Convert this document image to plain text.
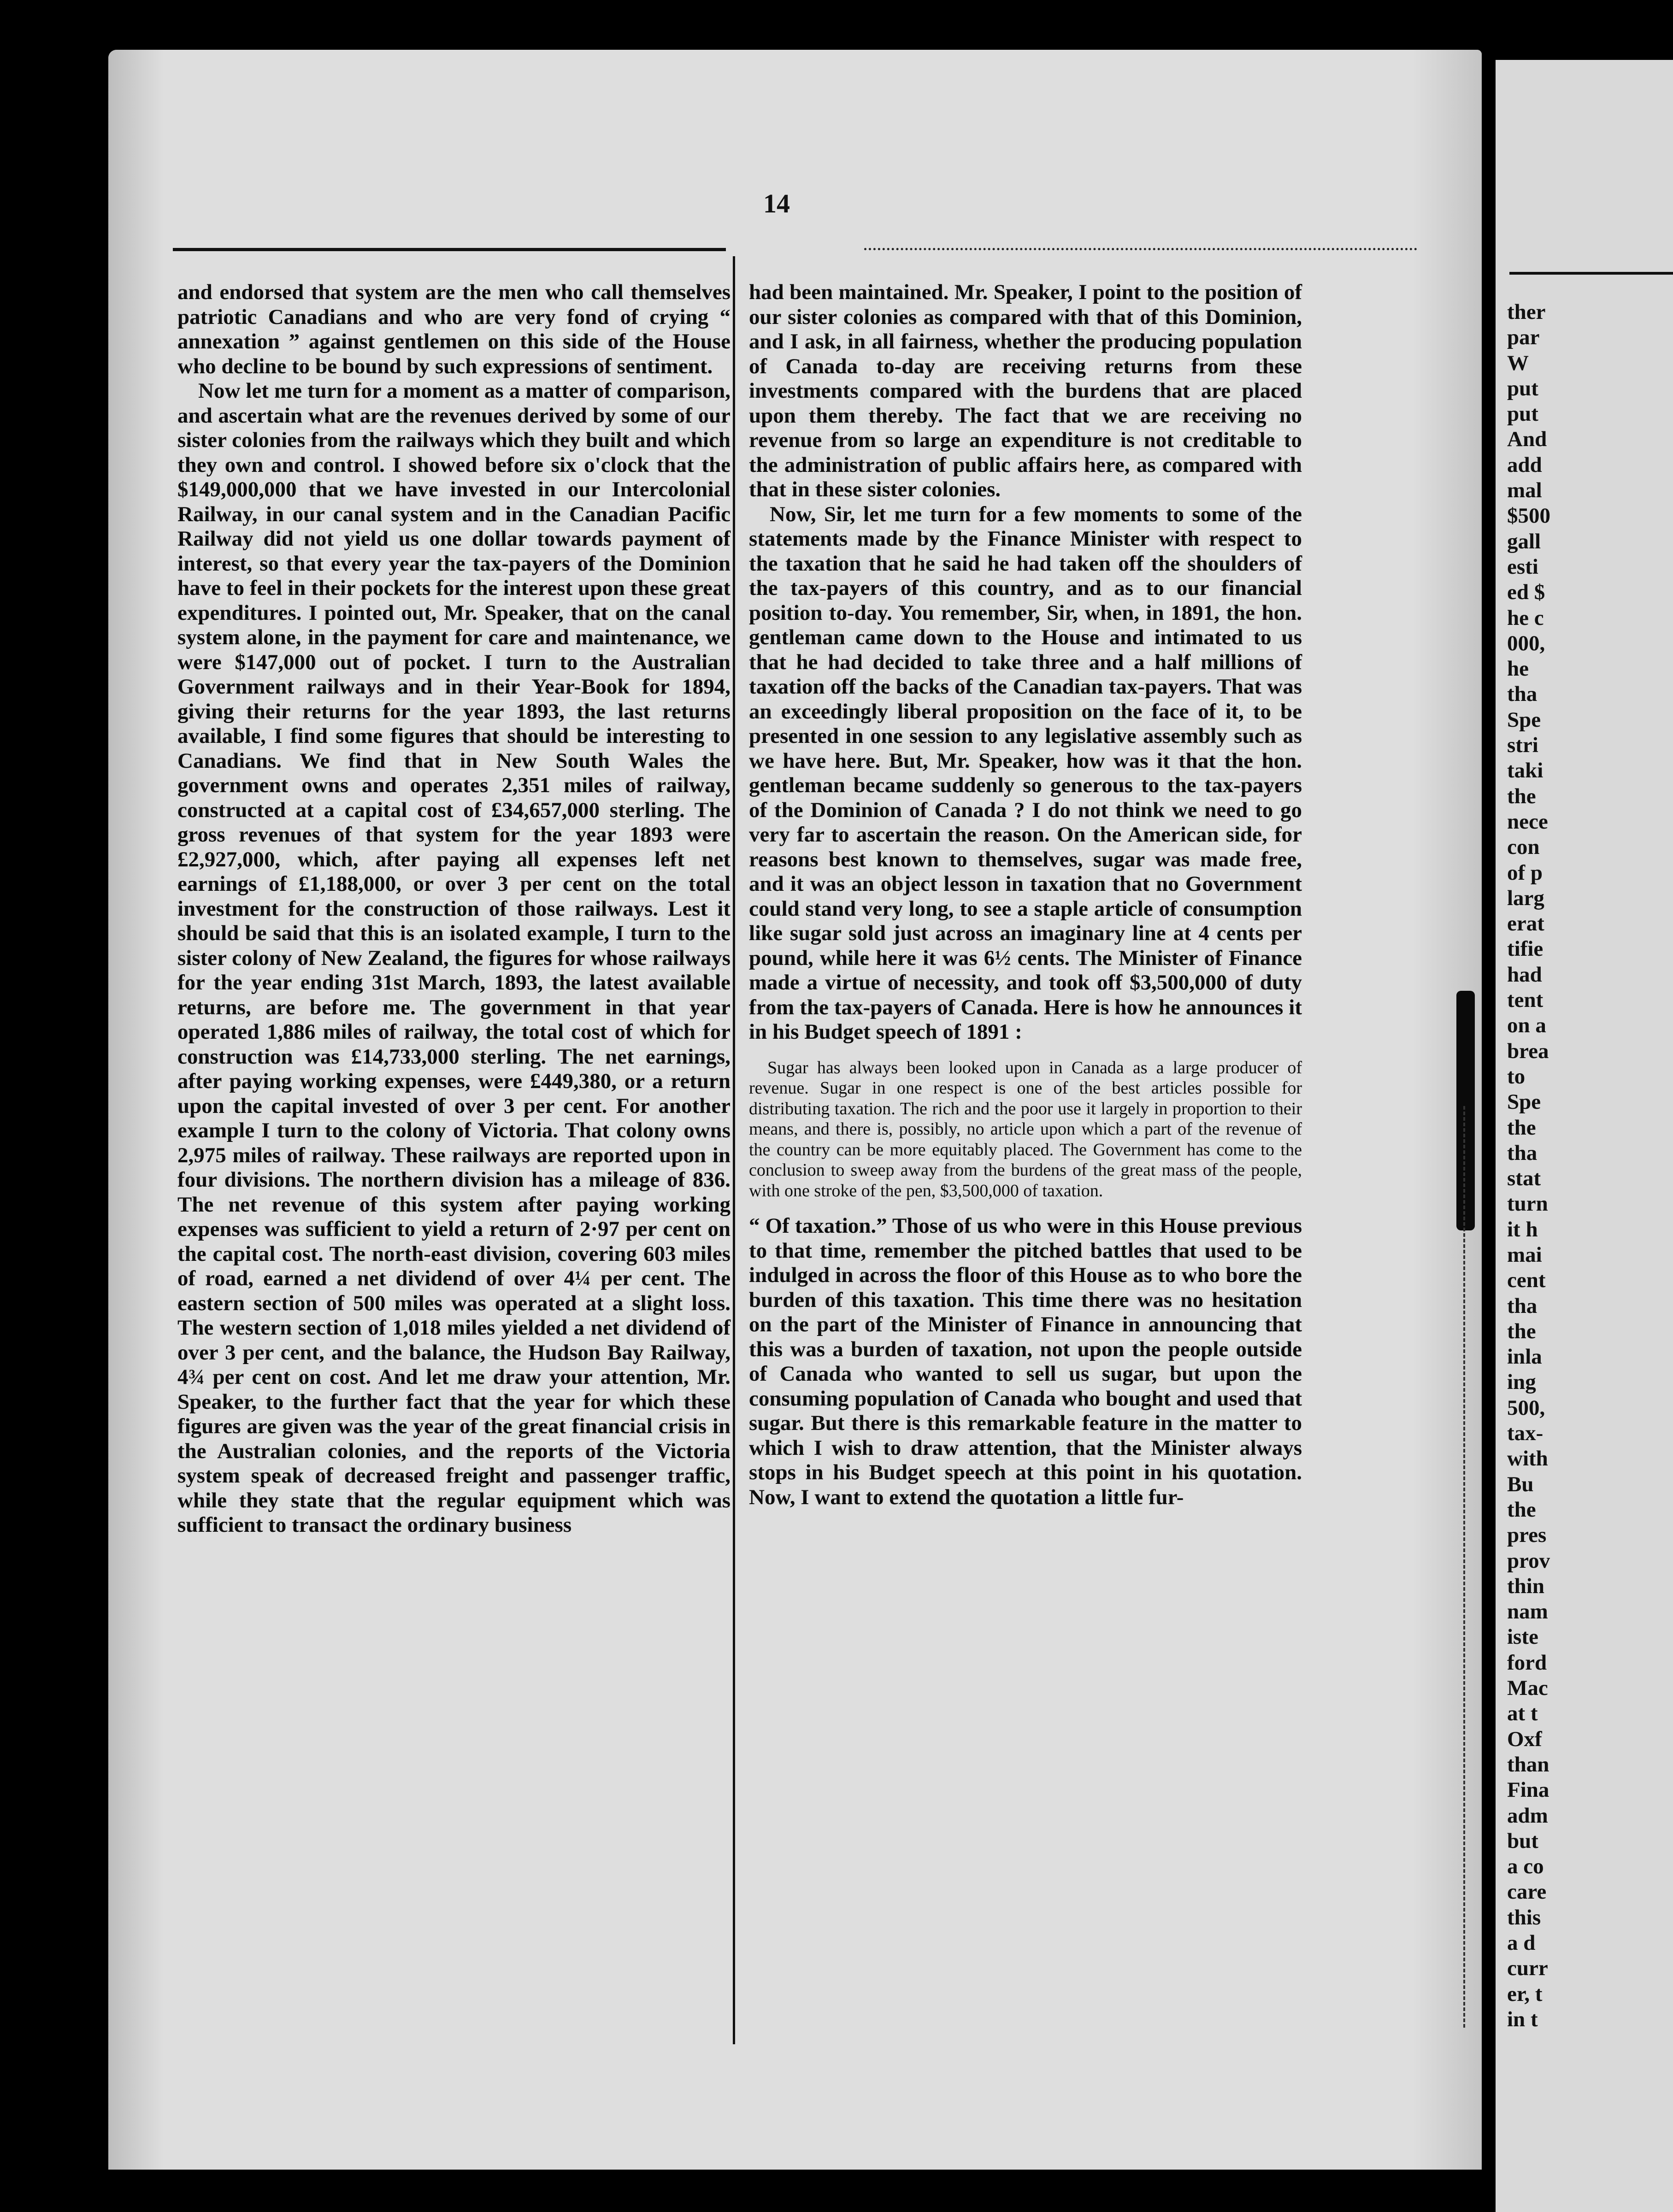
14

and endorsed that system are the men who call themselves patriotic Canadians and who are very fond of crying “ annexation ” against gentlemen on this side of the House who decline to be bound by such expressions of sentiment.

Now let me turn for a moment as a matter of comparison, and ascertain what are the revenues derived by some of our sister colonies from the railways which they built and which they own and control. I showed before six o'clock that the $149,000,000 that we have invested in our Intercolonial Railway, in our canal system and in the Canadian Pacific Railway did not yield us one dollar towards payment of interest, so that every year the tax-payers of the Dominion have to feel in their pockets for the interest upon these great expenditures. I pointed out, Mr. Speaker, that on the canal system alone, in the payment for care and maintenance, we were $147,000 out of pocket. I turn to the Australian Government railways and in their Year-Book for 1894, giving their returns for the year 1893, the last returns available, I find some figures that should be interesting to Canadians. We find that in New South Wales the government owns and operates 2,351 miles of railway, constructed at a capital cost of £34,657,000 sterling. The gross revenues of that system for the year 1893 were £2,927,000, which, after paying all expenses left net earnings of £1,188,000, or over 3 per cent on the total investment for the construction of those railways. Lest it should be said that this is an isolated example, I turn to the sister colony of New Zealand, the figures for whose railways for the year ending 31st March, 1893, the latest available returns, are before me. The government in that year operated 1,886 miles of railway, the total cost of which for construction was £14,733,000 sterling. The net earnings, after paying working expenses, were £449,380, or a return upon the capital invested of over 3 per cent. For another example I turn to the colony of Victoria. That colony owns 2,975 miles of railway. These railways are reported upon in four divisions. The northern division has a mileage of 836. The net revenue of this system after paying working expenses was sufficient to yield a return of 2·97 per cent on the capital cost. The north-east division, covering 603 miles of road, earned a net dividend of over 4¼ per cent. The eastern section of 500 miles was operated at a slight loss. The western section of 1,018 miles yielded a net dividend of over 3 per cent, and the balance, the Hudson Bay Railway, 4¾ per cent on cost. And let me draw your attention, Mr. Speaker, to the further fact that the year for which these figures are given was the year of the great financial crisis in the Australian colonies, and the reports of the Victoria system speak of decreased freight and passenger traffic, while they state that the regular equipment which was sufficient to transact the ordinary business

had been maintained. Mr. Speaker, I point to the position of our sister colonies as compared with that of this Dominion, and I ask, in all fairness, whether the producing population of Canada to-day are receiving returns from these investments compared with the burdens that are placed upon them thereby. The fact that we are receiving no revenue from so large an expenditure is not creditable to the administration of public affairs here, as compared with that in these sister colonies.

Now, Sir, let me turn for a few moments to some of the statements made by the Finance Minister with respect to the taxation that he said he had taken off the shoulders of the tax-payers of this country, and as to our financial position to-day. You remember, Sir, when, in 1891, the hon. gentleman came down to the House and intimated to us that he had decided to take three and a half millions of taxation off the backs of the Canadian tax-payers. That was an exceedingly liberal proposition on the face of it, to be presented in one session to any legislative assembly such as we have here. But, Mr. Speaker, how was it that the hon. gentleman became suddenly so generous to the tax-payers of the Dominion of Canada ? I do not think we need to go very far to ascertain the reason. On the American side, for reasons best known to themselves, sugar was made free, and it was an object lesson in taxation that no Government could stand very long, to see a staple article of consumption like sugar sold just across an imaginary line at 4 cents per pound, while here it was 6½ cents. The Minister of Finance made a virtue of necessity, and took off $3,500,000 of duty from the tax-payers of Canada. Here is how he announces it in his Budget speech of 1891 :

Sugar has always been looked upon in Canada as a large producer of revenue. Sugar in one respect is one of the best articles possible for distributing taxation. The rich and the poor use it largely in proportion to their means, and there is, possibly, no article upon which a part of the revenue of the country can be more equitably placed. The Government has come to the conclusion to sweep away from the burdens of the great mass of the people, with one stroke of the pen, $3,500,000 of taxation.

“ Of taxation.” Those of us who were in this House previous to that time, remember the pitched battles that used to be indulged in across the floor of this House as to who bore the burden of this taxation. This time there was no hesitation on the part of the Minister of Finance in announcing that this was a burden of taxation, not upon the people outside of Canada who wanted to sell us sugar, but upon the consuming population of Canada who bought and used that sugar. But there is this remarkable feature in the matter to which I wish to draw attention, that the Minister always stops in his Budget speech at this point in his quotation. Now, I want to extend the quotation a little fur-

ther
par
W
put
put
And
add
mal
$500
gall
esti
ed $
he c
000,
he
tha
Spe
stri
taki
the
nece
con
of p
larg
erat
tifie
had
tent
on a
brea
to
Spe
the
tha
stat
turn
it h
mai
cent
tha
the
inla
ing
500,
tax-
with
Bu
the
pres
prov
thin
nam
iste
ford
Mac
at t
Oxf
than
Fina
adm
but
a co
care
this
a d
curr
er, t
in t
